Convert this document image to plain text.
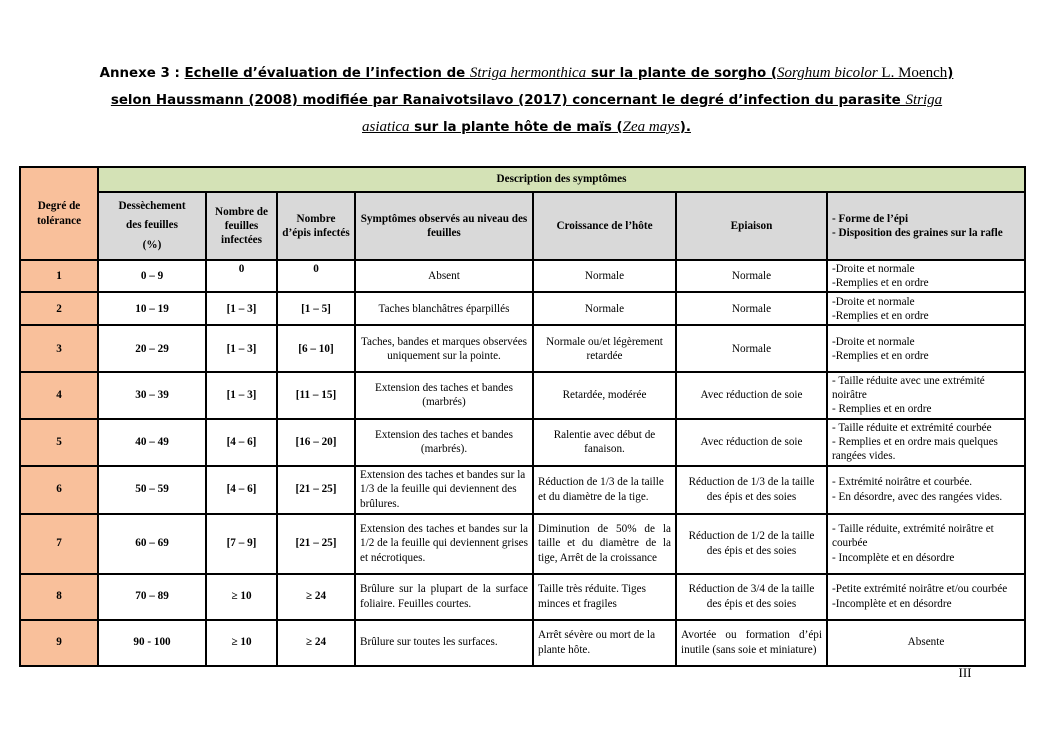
Annexe 3 : Echelle d’évaluation de l’infection de Striga hermonthica sur la plante de sorgho (Sorghum bicolor L. Moench)
selon Haussmann (2008) modifiée par Ranaivotsilavo (2017) concernant le degré d’infection du parasite Striga
asiatica sur la plante hôte de maïs (Zea mays).
Degré de tolérance	Description des symptômes						
	Dessèchement
des feuilles
(%)	Nombre de feuilles infectées	Nombre d’épis infectés	Symptômes observés au niveau des feuilles	Croissance de l’hôte	Epiaison	- Forme de l’épi
- Disposition des graines sur la rafle
1	0 – 9	0	0	Absent	Normale	Normale	-Droite et normale
-Remplies et en ordre
2	10 – 19	[1 – 3]	[1 – 5]	Taches blanchâtres éparpillés	Normale	Normale	-Droite et normale
-Remplies et en ordre
3	20 – 29	[1 – 3]	[6 – 10]	Taches, bandes et marques observées uniquement sur la pointe.	Normale ou/et légèrement retardée	Normale	-Droite et normale
-Remplies et en ordre
4	30 – 39	[1 – 3]	[11 – 15]	Extension des taches et bandes (marbrés)	Retardée, modérée	Avec réduction de soie	- Taille réduite avec une extrémité noirâtre
- Remplies et en ordre
5	40 – 49	[4 – 6]	[16 – 20]	Extension des taches et bandes (marbrés).	Ralentie avec début de fanaison.	Avec réduction de soie	- Taille réduite et extrémité courbée
- Remplies et en ordre mais quelques rangées vides.
6	50 – 59	[4 – 6]	[21 – 25]	Extension des taches et bandes sur la 1/3 de la feuille qui deviennent des brûlures.	Réduction de 1/3 de la taille et du diamètre de la tige.	Réduction de 1/3 de la taille des épis et des soies	- Extrémité noirâtre et courbée.
- En désordre, avec des rangées vides.
7	60 – 69	[7 – 9]	[21 – 25]	Extension des taches et bandes sur la 1/2 de la feuille qui deviennent grises et nécrotiques.	Diminution de 50% de la taille et du diamètre de la tige, Arrêt de la croissance	Réduction de 1/2 de la taille des épis et des soies	- Taille réduite, extrémité noirâtre et courbée
- Incomplète et en désordre
8	70 – 89	≥ 10	≥ 24	Brûlure sur la plupart de la surface foliaire. Feuilles courtes.	Taille très réduite. Tiges minces et fragiles	Réduction de 3/4 de la taille des épis et des soies	-Petite extrémité noirâtre et/ou courbée
-Incomplète et en désordre
9	90 - 100	≥ 10	≥ 24	Brûlure sur toutes les surfaces.	Arrêt sévère ou mort de la plante hôte.	Avortée ou formation d’épi inutile (sans soie et miniature)	Absente
III
